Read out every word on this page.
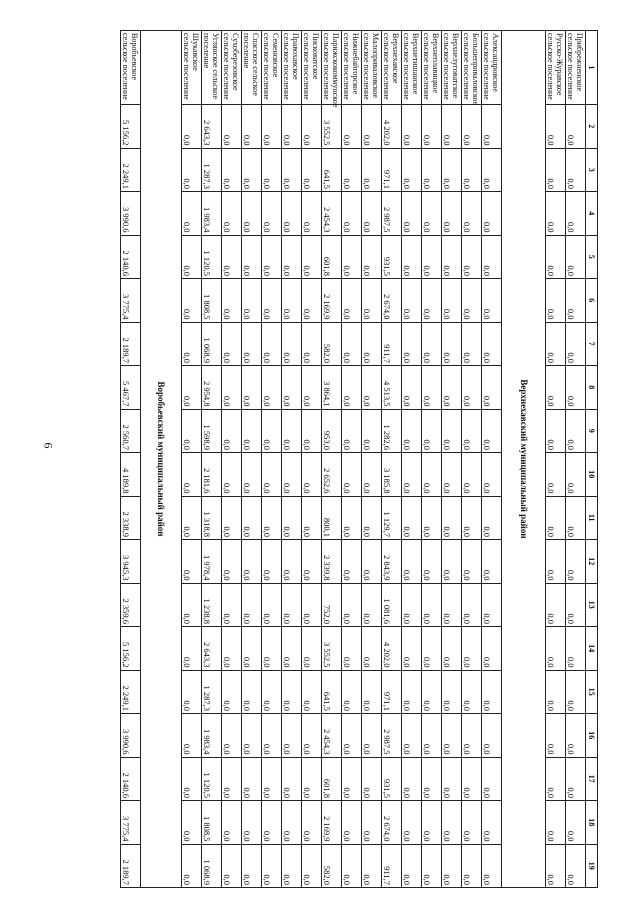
6
1	2	3	4	5	6	7	8	9	10	11	12	13	14	15	16	17	18	19
Прибрежненское сельское поселение	0,0	0,0	0,0	0,0	0,0	0,0	0,0	0,0	0,0	0,0	0,0	0,0	0,0	0,0	0,0	0,0	0,0	0,0
Русско-Журавское сельское поселение	0,0	0,0	0,0	0,0	0,0	0,0	0,0	0,0	0,0	0,0	0,0	0,0	0,0	0,0	0,0	0,0	0,0	0,0
Верхнехавский муниципальный район																		
Александровское сельское поселение	0,0	0,0	0,0	0,0	0,0	0,0	0,0	0,0	0,0	0,0	0,0	0,0	0,0	0,0	0,0	0,0	0,0	0,0
Большеприваловское сельское поселение	0,0	0,0	0,0	0,0	0,0	0,0	0,0	0,0	0,0	0,0	0,0	0,0	0,0	0,0	0,0	0,0	0,0	0,0
Верхнелуговатское сельское поселение	0,0	0,0	0,0	0,0	0,0	0,0	0,0	0,0	0,0	0,0	0,0	0,0	0,0	0,0	0,0	0,0	0,0	0,0
Верхнеплавицкое сельское поселение	0,0	0,0	0,0	0,0	0,0	0,0	0,0	0,0	0,0	0,0	0,0	0,0	0,0	0,0	0,0	0,0	0,0	0,0
Верхнетишанское сельское поселение	0,0	0,0	0,0	0,0	0,0	0,0	0,0	0,0	0,0	0,0	0,0	0,0	0,0	0,0	0,0	0,0	0,0	0,0
Верхнехавское сельское поселение	4 202,0	971,1	2 987,5	931,5	2 674,0	911,7	4 513,5	1 282,6	3 185,8	1 129,7	2 843,9	1 081,6	4 202,0	971,1	2 987,5	931,5	2 674,0	911,7
Малоприваловское сельское поселение	0,0	0,0	0,0	0,0	0,0	0,0	0,0	0,0	0,0	0,0	0,0	0,0	0,0	0,0	0,0	0,0	0,0	0,0
Нижнебайгорское сельское поселение	0,0	0,0	0,0	0,0	0,0	0,0	0,0	0,0	0,0	0,0	0,0	0,0	0,0	0,0	0,0	0,0	0,0	0,0
Парижскокоммунское сельское поселение	3 552,5	641,5	2 454,3	601,8	2 169,9	582,0	3 864,1	953,0	2 652,6	800,1	2 339,8	752,0	3 552,5	641,5	2 454,3	601,8	2 169,9	582,0
Писковатское сельское поселение	0,0	0,0	0,0	0,0	0,0	0,0	0,0	0,0	0,0	0,0	0,0	0,0	0,0	0,0	0,0	0,0	0,0	0,0
Правохавское сельское поселение	0,0	0,0	0,0	0,0	0,0	0,0	0,0	0,0	0,0	0,0	0,0	0,0	0,0	0,0	0,0	0,0	0,0	0,0
Семеновское сельское поселение	0,0	0,0	0,0	0,0	0,0	0,0	0,0	0,0	0,0	0,0	0,0	0,0	0,0	0,0	0,0	0,0	0,0	0,0
Спасское сельское поселение	0,0	0,0	0,0	0,0	0,0	0,0	0,0	0,0	0,0	0,0	0,0	0,0	0,0	0,0	0,0	0,0	0,0	0,0
Сухоберезовское сельское поселение	0,0	0,0	0,0	0,0	0,0	0,0	0,0	0,0	0,0	0,0	0,0	0,0	0,0	0,0	0,0	0,0	0,0	0,0
Углянское сельское поселение	2 643,3	1 287,3	1 983,4	1 120,5	1 808,5	1 068,9	2 954,8	1 598,9	2 181,6	1 318,8	1 978,4	1 238,8	2 643,3	1 287,3	1 983,4	1 120,5	1 808,5	1 068,9
Шукавское сельское поселение	0,0	0,0	0,0	0,0	0,0	0,0	0,0	0,0	0,0	0,0	0,0	0,0	0,0	0,0	0,0	0,0	0,0	0,0
Воробьевский муниципальный район																		
Воробьевское сельское поселение	5 156,2	2 249,1	3 990,6	2 140,6	3 775,4	2 189,7	5 467,7	2 560,7	4 189,8	2 338,9	3 945,3	2 359,6	5 156,2	2 249,1	3 990,6	2 140,6	3 775,4	2 189,7
